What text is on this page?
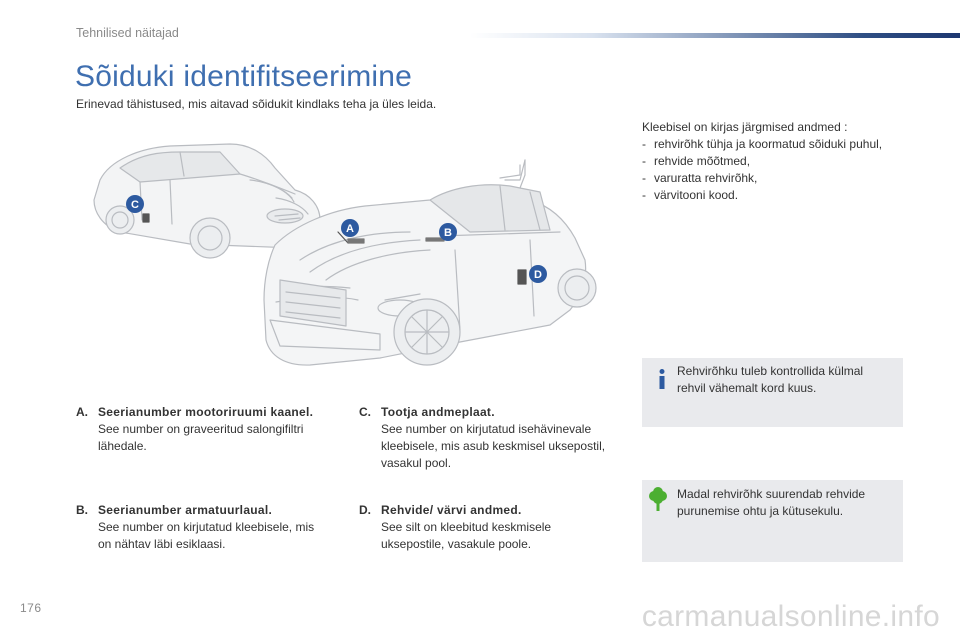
Tehnilised näitajad
Sõiduki identifitseerimine
Erinevad tähistused, mis aitavad sõidukit kindlaks teha ja üles leida.
Kleebisel on kirjas järgmised andmed :
- rehvirõhk tühja ja koormatud sõiduki puhul,
- rehvide mõõtmed,
- varuratta rehvirõhk,
- värvitooni kood.
C
A	B
D
A. Seerianumber mootoriruumi kaanel.
See number on graveeritud salongifiltri
lähedale.
B. Seerianumber armatuurlaual.
See number on kirjutatud kleebisele, mis
on nähtav läbi esiklaasi.
C. Tootja andmeplaat.
See number on kirjutatud isehävinevale
kleebisele, mis asub keskmisel uksepostil,
vasakul pool.
D. Rehvide/ värvi andmed.
See silt on kleebitud keskmisele
uksepostile, vasakule poole.
Rehvirõhku tuleb kontrollida külmal
rehvil vähemalt kord kuus.
Madal rehvirõhk suurendab rehvide
purunemise ohtu ja kütusekulu.
176	carmanualsonline.info
